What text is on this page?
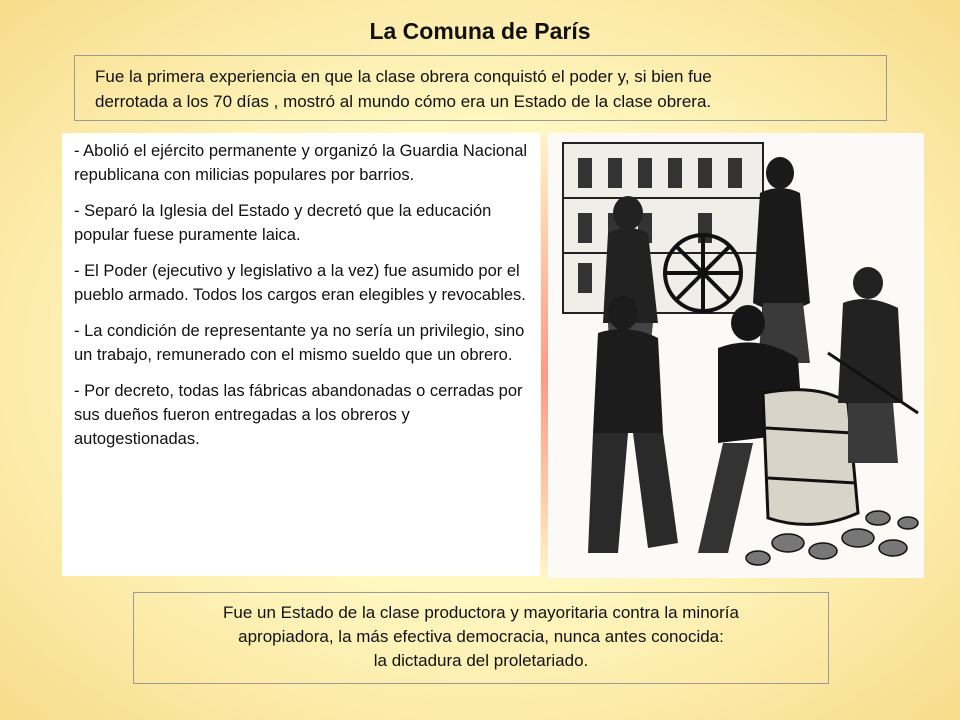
La Comuna de París
Fue la primera experiencia en que la clase obrera conquistó el poder y, si bien fue
derrotada a los 70 días , mostró al mundo cómo era un Estado de la clase obrera.

- Abolió el ejército permanente y organizó la Guardia Nacional republicana con milicias populares por barrios.

- Separó la Iglesia del Estado y decretó que la educación popular fuese puramente laica.

- El Poder (ejecutivo y legislativo a la vez) fue asumido por el pueblo armado. Todos los cargos eran elegibles y revocables.

- La condición de representante ya no sería un privilegio, sino un trabajo, remunerado con el mismo sueldo que un obrero.

- Por decreto, todas las fábricas abandonadas o cerradas por sus dueños fueron entregadas a los obreros y autogestionadas.

Fue un Estado de la clase productora y mayoritaria contra la minoría
apropiadora, la más efectiva democracia, nunca antes conocida:
la dictadura del proletariado.
